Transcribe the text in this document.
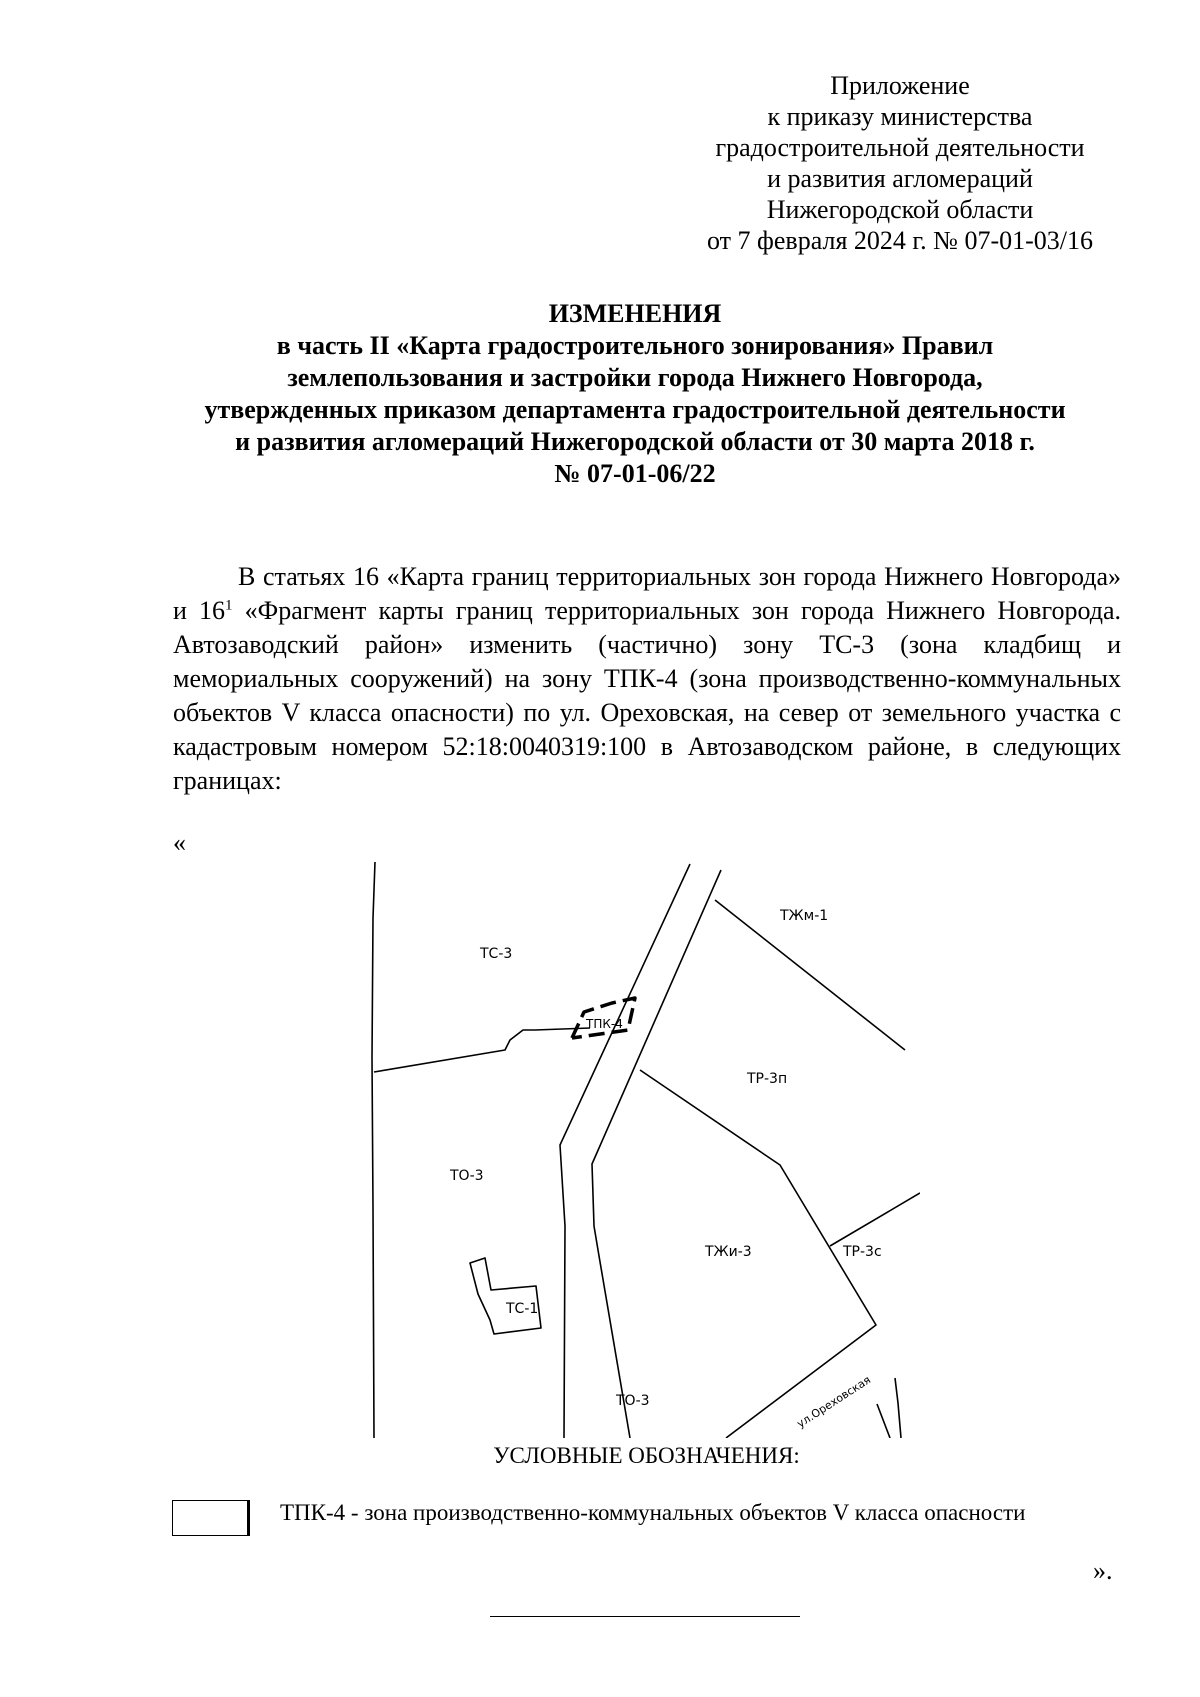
Приложение
к приказу министерства
градостроительной деятельности
и развития агломераций
Нижегородской области
от 7 февраля 2024 г. № 07-01-03/16
ИЗМЕНЕНИЯ
в часть II «Карта градостроительного зонирования» Правил
землепользования и застройки города Нижнего Новгорода,
утвержденных приказом департамента градостроительной деятельности
и развития агломераций Нижегородской области от 30 марта 2018 г.
№ 07-01-06/22

В статьях 16 «Карта границ территориальных зон города Нижнего Новгорода» и $16^1$ «Фрагмент карты границ территориальных зон города Нижнего Новгорода. Автозаводский район» изменить (частично) зону ТС-3 (зона кладбищ и мемориальных сооружений) на зону ТПК-4 (зона производственно-коммунальных объектов V класса опасности) по ул. Ореховская, на север от земельного участка с кадастровым номером 52:18:0040319:100 в Автозаводском районе, в следующих границах:

«
ТС-3
ТЖм-1
ТПК-4
ТР-3п
ТО-3
ТЖи-3	ТР-3с
ТС-1
ТО-3	ул.Ореховская
УСЛОВНЫЕ ОБОЗНАЧЕНИЯ:
ТПК-4 - зона производственно-коммунальных объектов V класса опасности
».
